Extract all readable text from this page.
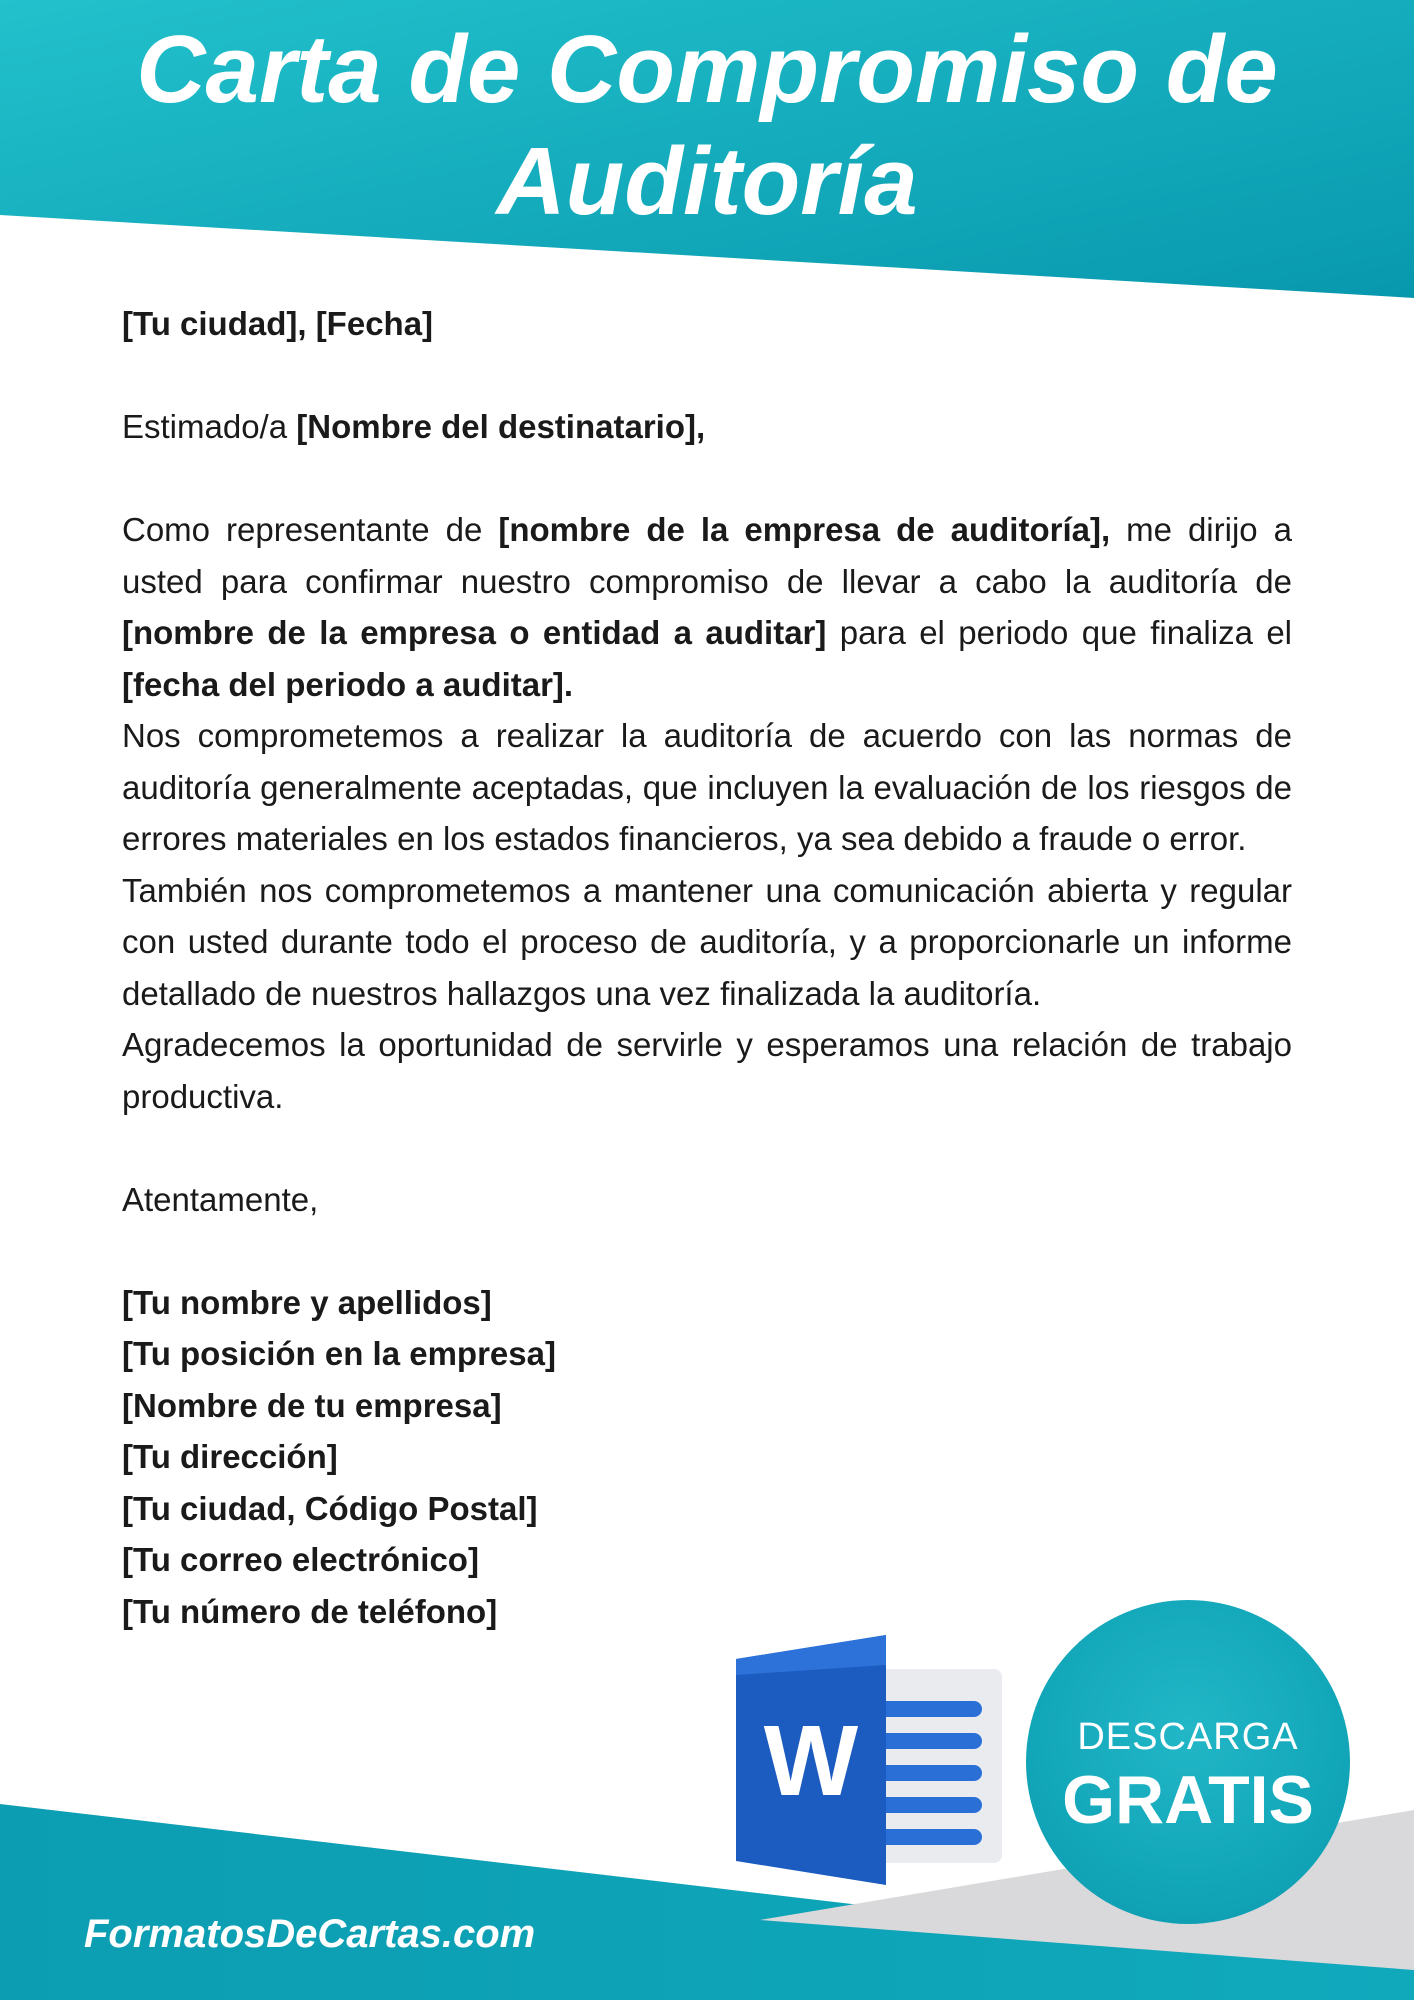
Carta de Compromiso de
Auditoría

[Tu ciudad], [Fecha]

Estimado/a [Nombre del destinatario],

Como representante de [nombre de la empresa de auditoría], me dirijo a usted para confirmar nuestro compromiso de llevar a cabo la auditoría de [nombre de la empresa o entidad a auditar] para el periodo que finaliza el [fecha del periodo a auditar].

Nos comprometemos a realizar la auditoría de acuerdo con las normas de auditoría generalmente aceptadas, que incluyen la evaluación de los riesgos de errores materiales en los estados financieros, ya sea debido a fraude o error.

También nos comprometemos a mantener una comunicación abierta y regular con usted durante todo el proceso de auditoría, y a proporcionarle un informe detallado de nuestros hallazgos una vez finalizada la auditoría.

Agradecemos la oportunidad de servirle y esperamos una relación de trabajo productiva.

Atentamente,

[Tu nombre y apellidos]
[Tu posición en la empresa]
[Nombre de tu empresa]
[Tu dirección]
[Tu ciudad, Código Postal]
[Tu correo electrónico]
[Tu número de teléfono]
FormatosDeCartas.com
W	DESCARGA
GRATIS
